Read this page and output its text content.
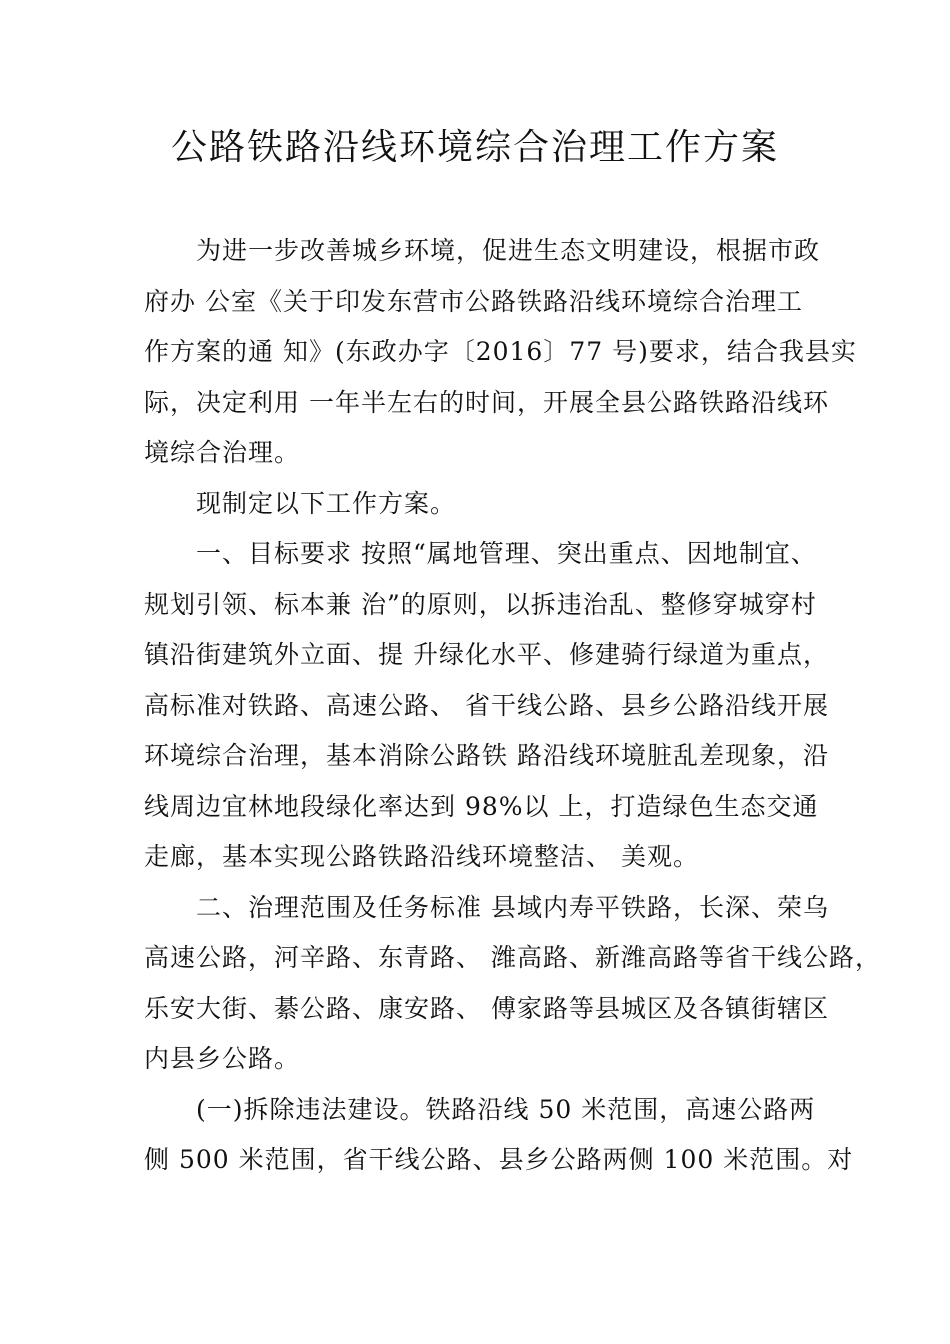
公路铁路沿线环境综合治理工作方案
为进一步改善城乡环境，促进生态文明建设，根据市政
府办 公室《关于印发东营市公路铁路沿线环境综合治理工
作方案的通 知》(东政办字〔2016〕77 号)要求，结合我县实
际，决定利用 一年半左右的时间，开展全县公路铁路沿线环
境综合治理。
现制定以下工作方案。
一、目标要求 按照“属地管理、突出重点、因地制宜、
规划引领、标本兼 治”的原则，以拆违治乱、整修穿城穿村
镇沿街建筑外立面、提 升绿化水平、修建骑行绿道为重点，
高标准对铁路、高速公路、 省干线公路、县乡公路沿线开展
环境综合治理，基本消除公路铁 路沿线环境脏乱差现象，沿
线周边宜林地段绿化率达到 98%以 上，打造绿色生态交通
走廊，基本实现公路铁路沿线环境整洁、 美观。
二、治理范围及任务标准 县域内寿平铁路，长深、荣乌
高速公路，河辛路、东青路、 潍高路、新潍高路等省干线公路，
乐安大街、綦公路、康安路、 傅家路等县城区及各镇街辖区
内县乡公路。
(一)拆除违法建设。铁路沿线 50 米范围，高速公路两
侧 500 米范围，省干线公路、县乡公路两侧 100 米范围。对
